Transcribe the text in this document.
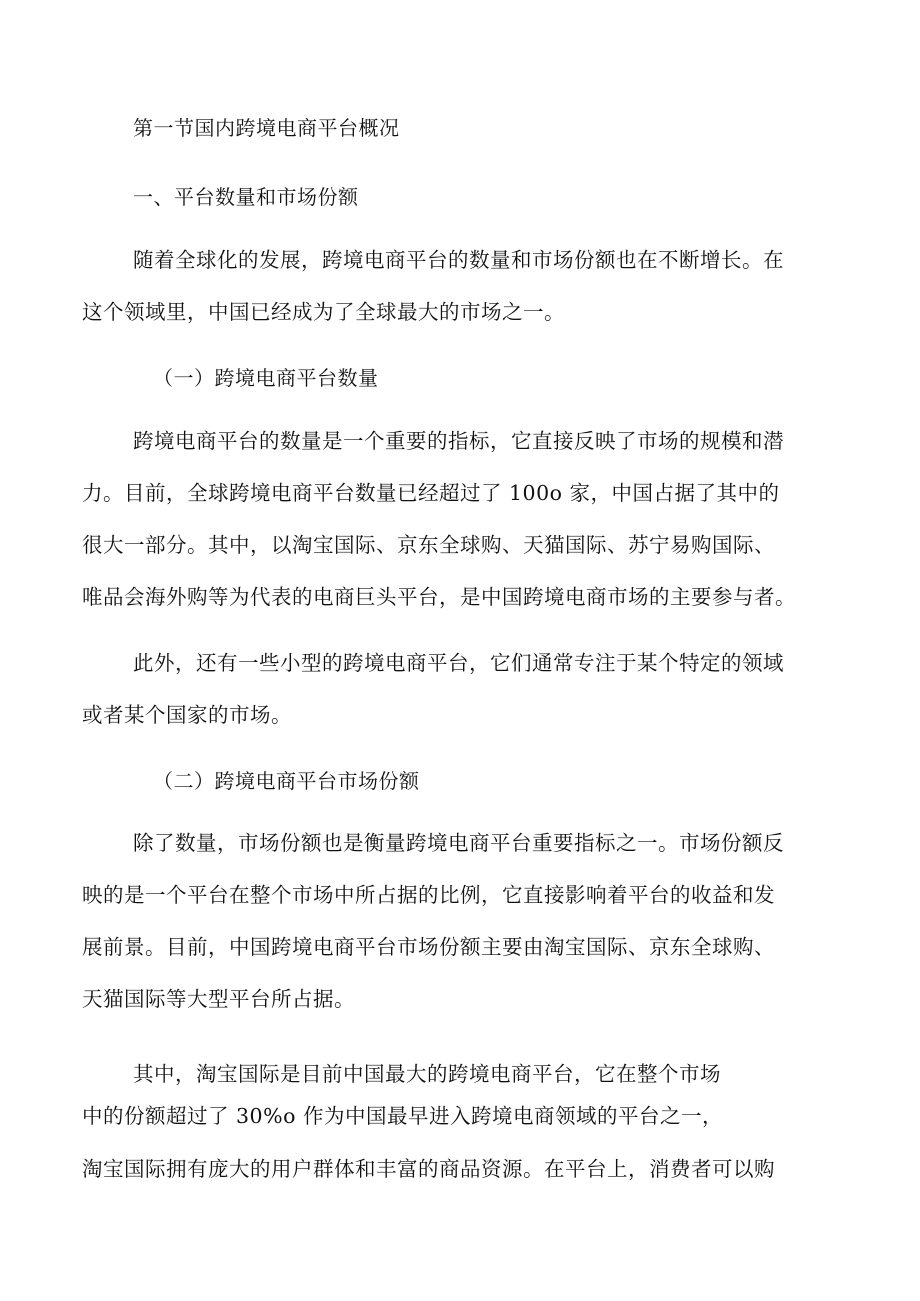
第一节国内跨境电商平台概况
一、平台数量和市场份额
随着全球化的发展，跨境电商平台的数量和市场份额也在不断增长。在
这个领域里，中国已经成为了全球最大的市场之一。
（一）跨境电商平台数量
跨境电商平台的数量是一个重要的指标，它直接反映了市场的规模和潜
力。目前，全球跨境电商平台数量已经超过了 100o 家，中国占据了其中的
很大一部分。其中，以淘宝国际、京东全球购、天猫国际、苏宁易购国际、
唯品会海外购等为代表的电商巨头平台，是中国跨境电商市场的主要参与者。
此外，还有一些小型的跨境电商平台，它们通常专注于某个特定的领域
或者某个国家的市场。
（二）跨境电商平台市场份额
除了数量，市场份额也是衡量跨境电商平台重要指标之一。市场份额反
映的是一个平台在整个市场中所占据的比例，它直接影响着平台的收益和发
展前景。目前，中国跨境电商平台市场份额主要由淘宝国际、京东全球购、
天猫国际等大型平台所占据。
其中，淘宝国际是目前中国最大的跨境电商平台，它在整个市场
中的份额超过了 30%o 作为中国最早进入跨境电商领域的平台之一，
淘宝国际拥有庞大的用户群体和丰富的商品资源。在平台上，消费者可以购
